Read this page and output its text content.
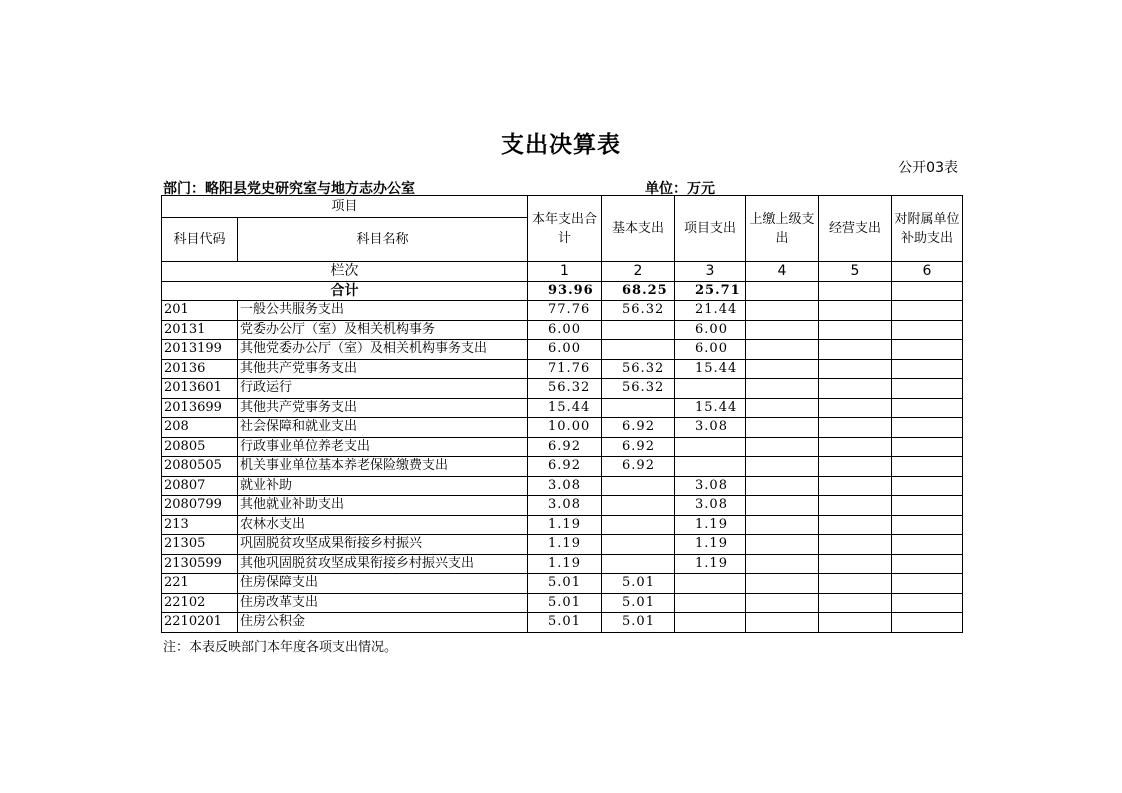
支出决算表
公开03表
部门：略阳县党史研究室与地方志办公室	单位：万元
项目		本年支出合计	基本支出	项目支出	上缴上级支出	经营支出	对附属单位补助支出
科目代码	科目名称						
栏次		1	2	3	4	5	6
合计		93.96	68.25	25.71			
201	一般公共服务支出	77.76	56.32	21.44			
20131	党委办公厅（室）及相关机构事务	6.00		6.00			
2013199	其他党委办公厅（室）及相关机构事务支出	6.00		6.00			
20136	其他共产党事务支出	71.76	56.32	15.44			
2013601	行政运行	56.32	56.32				
2013699	其他共产党事务支出	15.44		15.44			
208	社会保障和就业支出	10.00	6.92	3.08			
20805	行政事业单位养老支出	6.92	6.92				
2080505	机关事业单位基本养老保险缴费支出	6.92	6.92				
20807	就业补助	3.08		3.08			
2080799	其他就业补助支出	3.08		3.08			
213	农林水支出	1.19		1.19			
21305	巩固脱贫攻坚成果衔接乡村振兴	1.19		1.19			
2130599	其他巩固脱贫攻坚成果衔接乡村振兴支出	1.19		1.19			
221	住房保障支出	5.01	5.01				
22102	住房改革支出	5.01	5.01				
2210201	住房公积金	5.01	5.01				
注：本表反映部门本年度各项支出情况。
